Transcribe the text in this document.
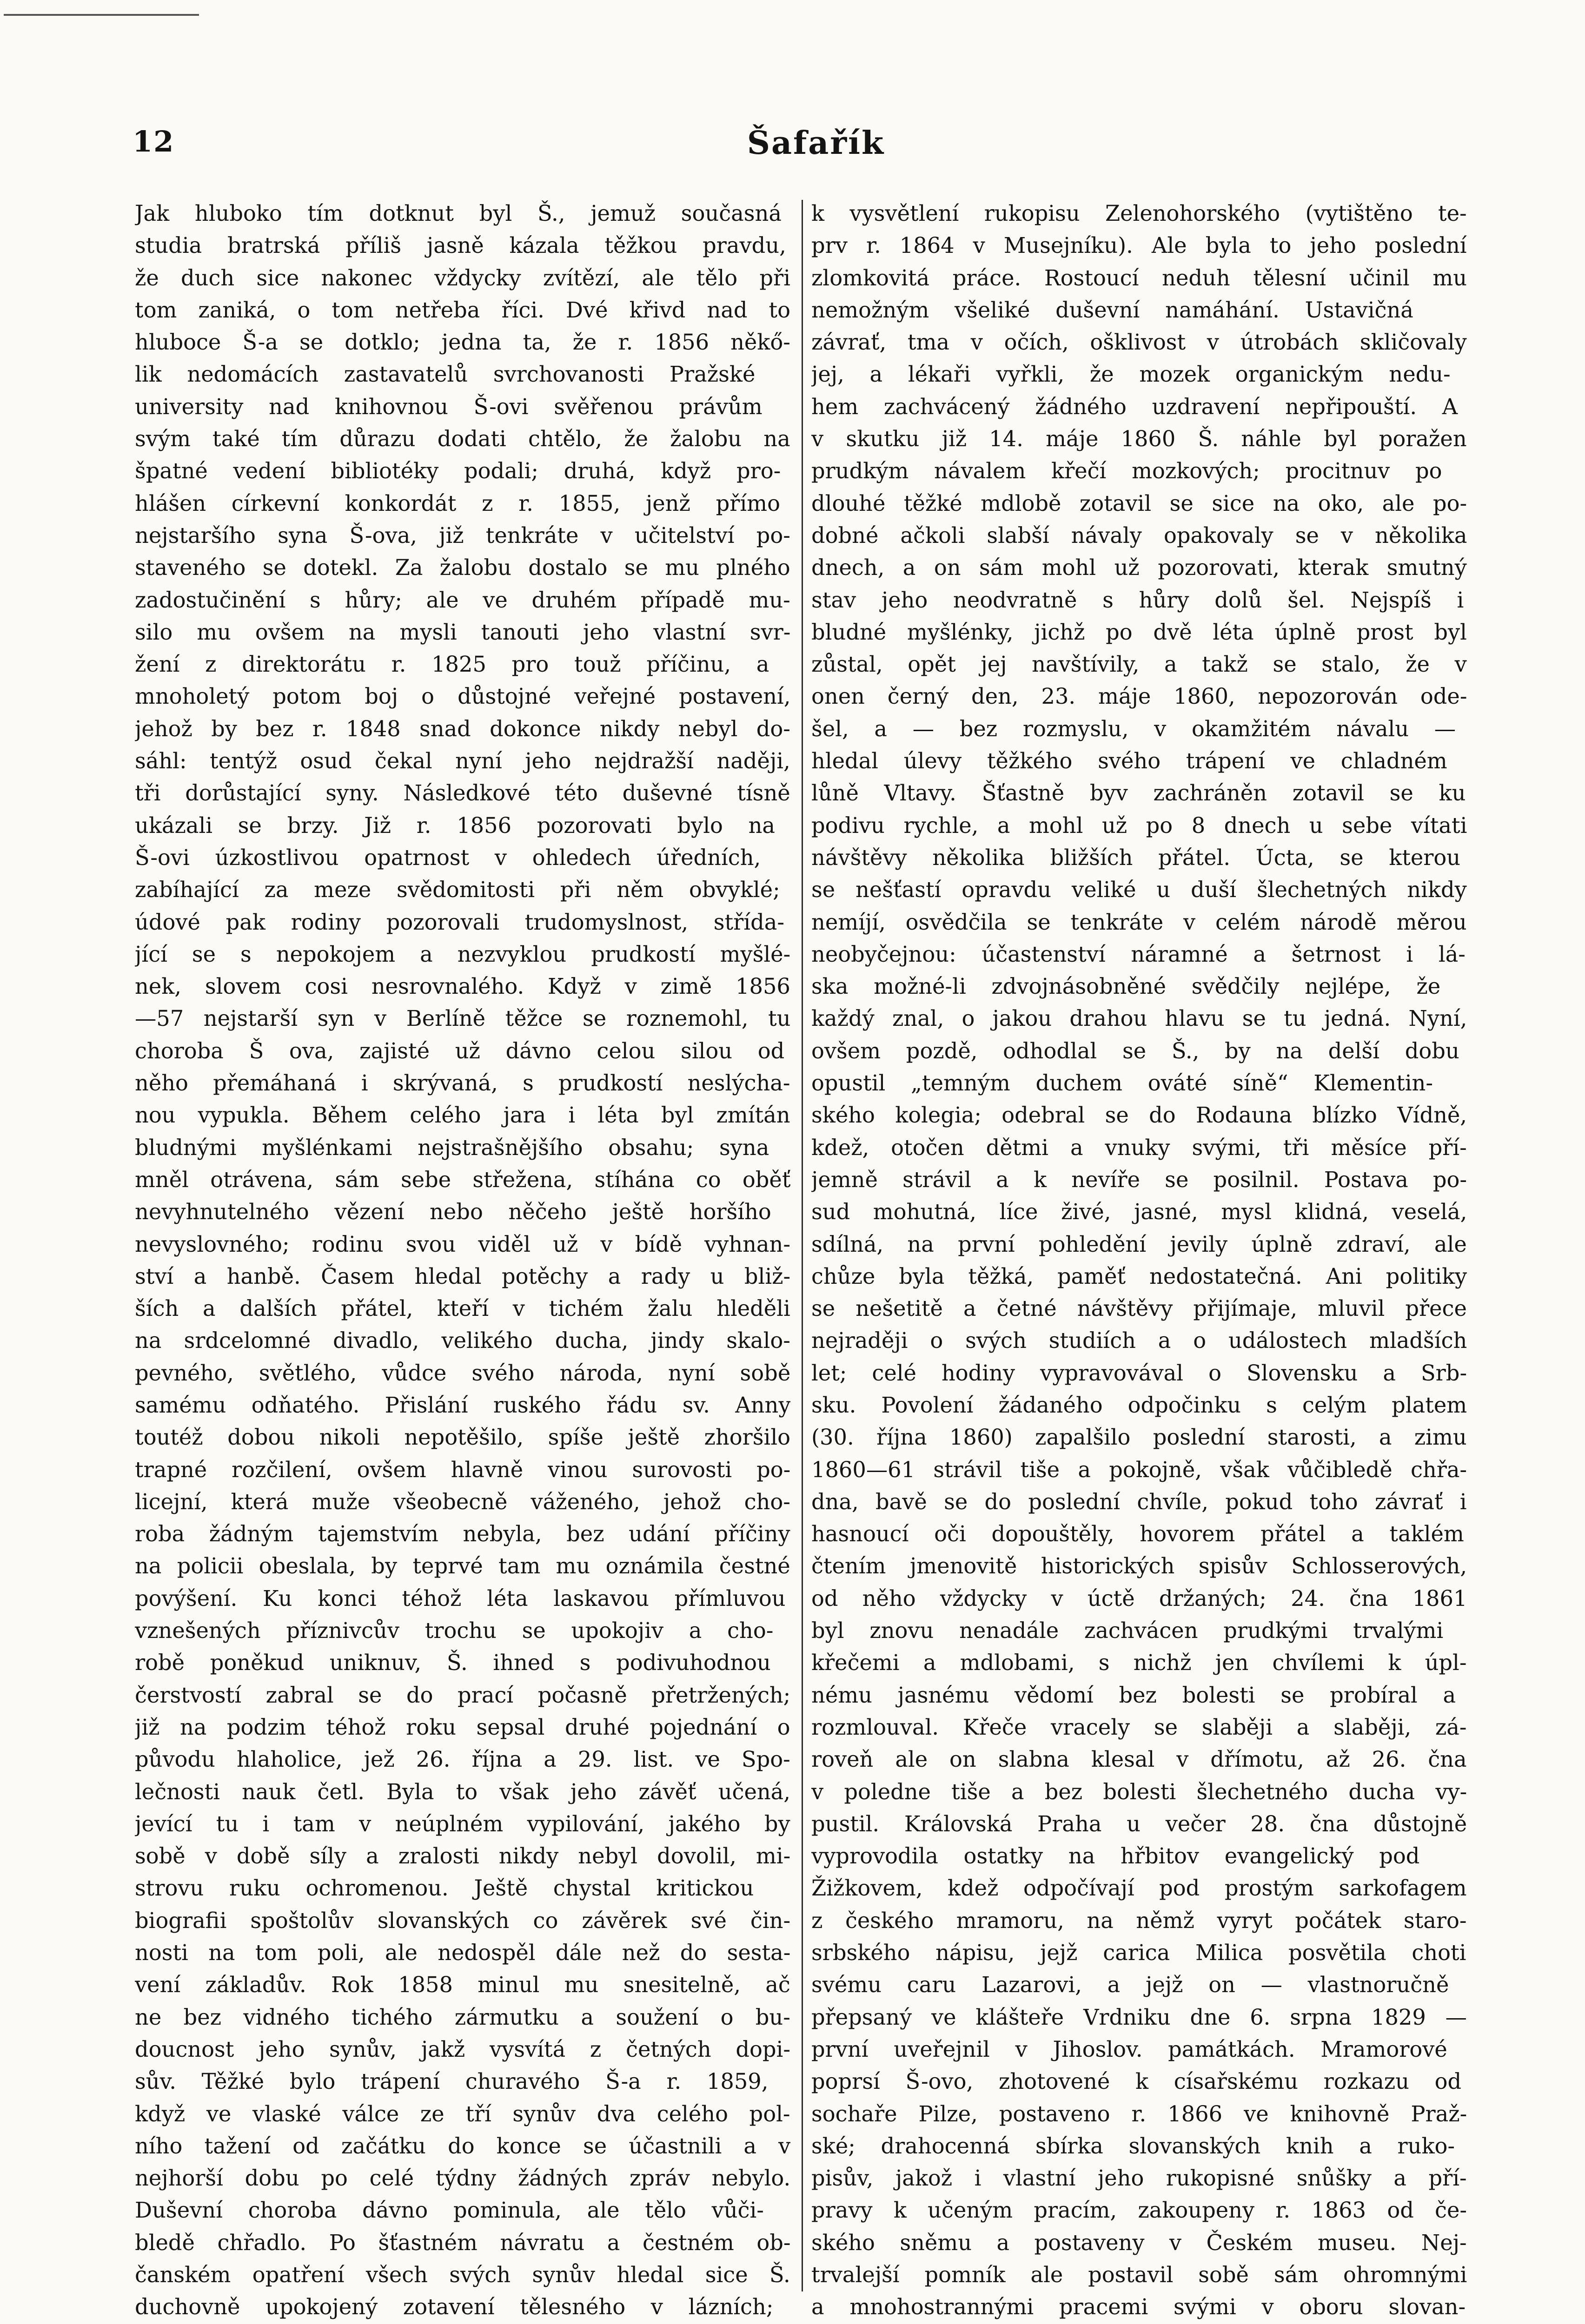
12	Šafařík
Jak hluboko tím dotknut byl Š., jemuž současná
studia bratrská příliš jasně kázala těžkou pravdu,
že duch sice nakonec vždycky zvítězí, ale tělo při
tom zaniká, o tom netřeba říci. Dvé křivd nad to
hluboce Š-a se dotklo; jedna ta, že r. 1856 někő-
lik nedomácích zastavatelů svrchovanosti Pražské
university nad knihovnou Š-ovi svěřenou právům
svým také tím důrazu dodati chtělo, že žalobu na
špatné vedení bibliotéky podali; druhá, když pro-
hlášen církevní konkordát z r. 1855, jenž přímo
nejstaršího syna Š-ova, již tenkráte v učitelství po-
staveného se dotekl. Za žalobu dostalo se mu plného
zadostučinění s hůry; ale ve druhém případě mu-
silo mu ovšem na mysli tanouti jeho vlastní svr-
žení z direktorátu r. 1825 pro touž příčinu, a
mnoholetý potom boj o důstojné veřejné postavení,
jehož by bez r. 1848 snad dokonce nikdy nebyl do-
sáhl: tentýž osud čekal nyní jeho nejdražší naději,
tři dorůstající syny. Následkové této duševné tísně
ukázali se brzy. Již r. 1856 pozorovati bylo na
Š-ovi úzkostlivou opatrnost v ohledech úředních,
zabíhající za meze svědomitosti při něm obvyklé;
údové pak rodiny pozorovali trudomyslnost, střída-
jící se s nepokojem a nezvyklou prudkostí myšlé-
nek, slovem cosi nesrovnalého. Když v zimě 1856
—57 nejstarší syn v Berlíně těžce se roznemohl, tu
choroba Š ova, zajisté už dávno celou silou od
něho přemáhaná i skrývaná, s prudkostí neslýcha-
nou vypukla. Během celého jara i léta byl zmítán
bludnými myšlénkami nejstrašnějšího obsahu; syna
mněl otrávena, sám sebe střežena, stíhána co oběť
nevyhnutelného vězení nebo něčeho ještě horšího
nevyslovného; rodinu svou viděl už v bídě vyhnan-
ství a hanbě. Časem hledal potěchy a rady u bliž-
ších a dalších přátel, kteří v tichém žalu hleděli
na srdcelomné divadlo, velikého ducha, jindy skalo-
pevného, světlého, vůdce svého národa, nyní sobě
samému odňatého. Přislání ruského řádu sv. Anny
toutéž dobou nikoli nepotěšilo, spíše ještě zhoršilo
trapné rozčilení, ovšem hlavně vinou surovosti po-
licejní, která muže všeobecně váženého, jehož cho-
roba žádným tajemstvím nebyla, bez udání příčiny
na policii obeslala, by teprvé tam mu oznámila čestné
povýšení. Ku konci téhož léta laskavou přímluvou
vznešených příznivcův trochu se upokojiv a cho-
robě poněkud uniknuv, Š. ihned s podivuhodnou
čerstvostí zabral se do prací počasně přetržených;
již na podzim téhož roku sepsal druhé pojednání o
původu hlaholice, jež 26. října a 29. list. ve Spo-
lečnosti nauk četl. Byla to však jeho závěť učená,
jevící tu i tam v neúplném vypilování, jakého by
sobě v době síly a zralosti nikdy nebyl dovolil, mi-
strovu ruku ochromenou. Ještě chystal kritickou
biografii spoštolův slovanských co závěrek své čin-
nosti na tom poli, ale nedospěl dále než do sesta-
vení základův. Rok 1858 minul mu snesitelně, ač
ne bez vidného tichého zármutku a soužení o bu-
doucnost jeho synův, jakž vysvítá z četných dopi-
sův. Těžké bylo trápení churavého Š-a r. 1859,
když ve vlaské válce ze tří synův dva celého pol-
ního tažení od začátku do konce se účastnili a v
nejhorší dobu po celé týdny žádných zpráv nebylo.
Duševní choroba dávno pominula, ale tělo vůči-
bledě chřadlo. Po šťastném návratu a čestném ob-
čanském opatření všech svých synův hledal sice Š.
duchovně upokojený zotavení tělesného v lázních;
k vysvětlení rukopisu Zelenohorského (vytištěno te-
prv r. 1864 v Musejníku). Ale byla to jeho poslední
zlomkovitá práce. Rostoucí neduh tělesní učinil mu
nemožným všeliké duševní namáhání. Ustavičná
závrať, tma v očích, ošklivost v útrobách skličovaly
jej, a lékaři vyřkli, že mozek organickým nedu-
hem zachvácený žádného uzdravení nepřipouští. A
v skutku již 14. máje 1860 Š. náhle byl poražen
prudkým návalem křečí mozkových; procitnuv po
dlouhé těžké mdlobě zotavil se sice na oko, ale po-
dobné ačkoli slabší návaly opakovaly se v několika
dnech, a on sám mohl už pozorovati, kterak smutný
stav jeho neodvratně s hůry dolů šel. Nejspíš i
bludné myšlénky, jichž po dvě léta úplně prost byl
zůstal, opět jej navštívily, a takž se stalo, že v
onen černý den, 23. máje 1860, nepozorován ode-
šel, a — bez rozmyslu, v okamžitém návalu —
hledal úlevy těžkého svého trápení ve chladném
lůně Vltavy. Šťastně byv zachráněn zotavil se ku
podivu rychle, a mohl už po 8 dnech u sebe vítati
návštěvy několika bližších přátel. Úcta, se kterou
se nešťastí opravdu veliké u duší šlechetných nikdy
nemíjí, osvědčila se tenkráte v celém národě měrou
neobyčejnou: účastenství náramné a šetrnost i lá-
ska možné-li zdvojnásobněné svědčily nejlépe, že
každý znal, o jakou drahou hlavu se tu jedná. Nyní,
ovšem pozdě, odhodlal se Š., by na delší dobu
opustil „temným duchem ováté síně“ Klementin-
ského kolegia; odebral se do Rodauna blízko Vídně,
kdež, otočen dětmi a vnuky svými, tři měsíce pří-
jemně strávil a k nevíře se posilnil. Postava po-
sud mohutná, líce živé, jasné, mysl klidná, veselá,
sdílná, na první pohledění jevily úplně zdraví, ale
chůze byla těžká, paměť nedostatečná. Ani politiky
se nešetitě a četné návštěvy přijímaje, mluvil přece
nejraději o svých studiích a o událostech mladších
let; celé hodiny vypravovával o Slovensku a Srb-
sku. Povolení žádaného odpočinku s celým platem
(30. října 1860) zapalšilo poslední starosti, a zimu
1860—61 strávil tiše a pokojně, však vůčibledě chřa-
dna, bavě se do poslední chvíle, pokud toho závrať i
hasnoucí oči dopouštěly, hovorem přátel a taklém
čtením jmenovitě historických spisův Schlosserových,
od něho vždycky v úctě držaných; 24. čna 1861
byl znovu nenadále zachvácen prudkými trvalými
křečemi a mdlobami, s nichž jen chvílemi k úpl-
nému jasnému vědomí bez bolesti se probíral a
rozmlouval. Křeče vracely se slaběji a slaběji, zá-
roveň ale on slabna klesal v dřímotu, až 26. čna
v poledne tiše a bez bolesti šlechetného ducha vy-
pustil. Královská Praha u večer 28. čna důstojně
vyprovodila ostatky na hřbitov evangelický pod
Žižkovem, kdež odpočívají pod prostým sarkofagem
z českého mramoru, na němž vyryt počátek staro-
srbského nápisu, jejž carica Milica posvětila choti
svému caru Lazarovi, a jejž on — vlastnoručně
přepsaný ve klášteře Vrdniku dne 6. srpna 1829 —
první uveřejnil v Jihoslov. památkách. Mramorové
poprsí Š-ovo, zhotovené k císařskému rozkazu od
sochaře Pilze, postaveno r. 1866 ve knihovně Praž-
ské; drahocenná sbírka slovanských knih a ruko-
pisův, jakož i vlastní jeho rukopisné snůšky a pří-
pravy k učeným pracím, zakoupeny r. 1863 od če-
ského sněmu a postaveny v Českém museu. Nej-
trvalejší pomník ale postavil sobě sám ohromnými
a mnohostrannými pracemi svými v oboru slovan-
